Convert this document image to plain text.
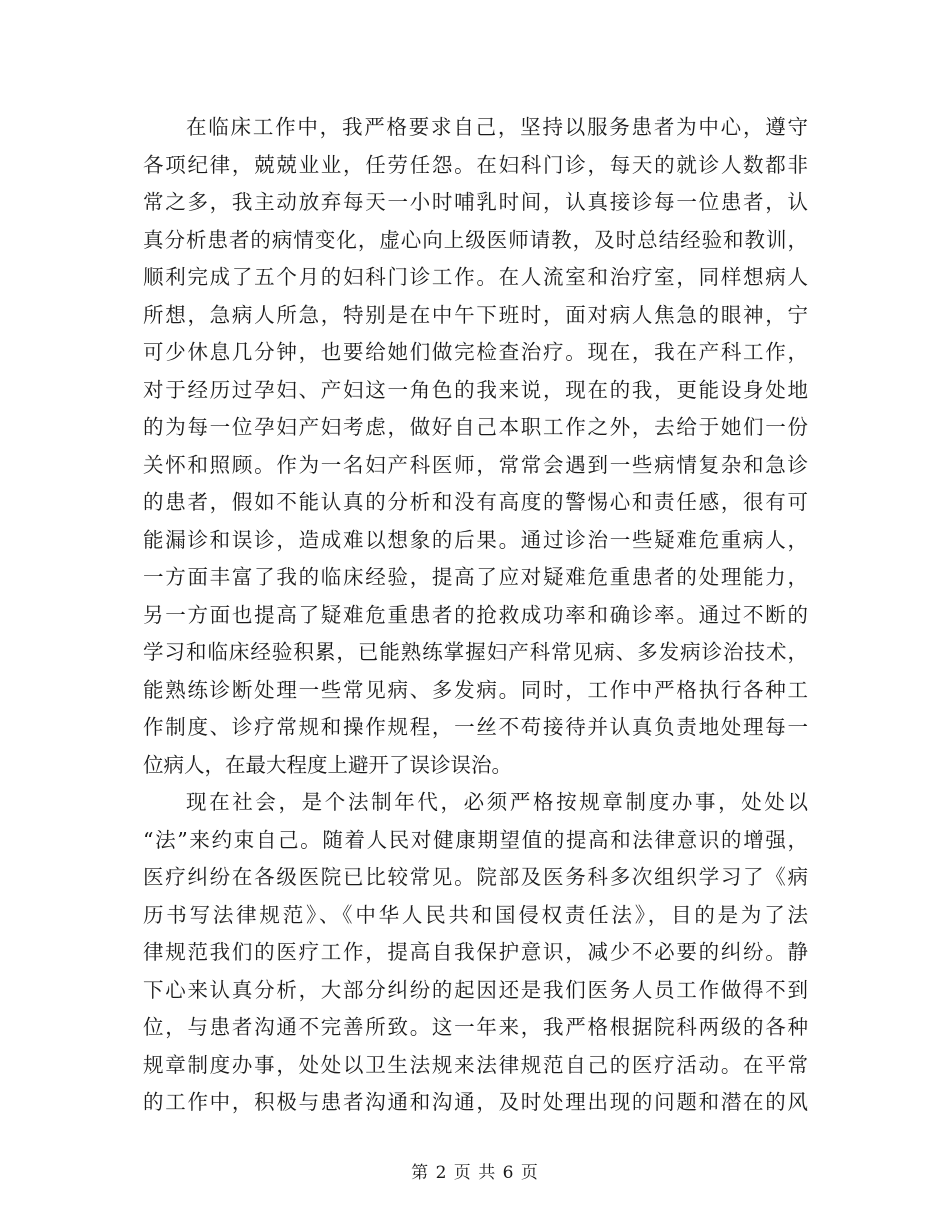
在临床工作中，我严格要求自己，坚持以服务患者为中心，遵守
各项纪律，兢兢业业，任劳任怨。在妇科门诊，每天的就诊人数都非
常之多，我主动放弃每天一小时哺乳时间，认真接诊每一位患者，认
真分析患者的病情变化，虚心向上级医师请教，及时总结经验和教训，
顺利完成了五个月的妇科门诊工作。在人流室和治疗室，同样想病人
所想，急病人所急，特别是在中午下班时，面对病人焦急的眼神，宁
可少休息几分钟，也要给她们做完检查治疗。现在，我在产科工作，
对于经历过孕妇、产妇这一角色的我来说，现在的我，更能设身处地
的为每一位孕妇产妇考虑，做好自己本职工作之外，去给于她们一份
关怀和照顾。作为一名妇产科医师，常常会遇到一些病情复杂和急诊
的患者，假如不能认真的分析和没有高度的警惕心和责任感，很有可
能漏诊和误诊，造成难以想象的后果。通过诊治一些疑难危重病人，
一方面丰富了我的临床经验，提高了应对疑难危重患者的处理能力，
另一方面也提高了疑难危重患者的抢救成功率和确诊率。通过不断的
学习和临床经验积累，已能熟练掌握妇产科常见病、多发病诊治技术，
能熟练诊断处理一些常见病、多发病。同时，工作中严格执行各种工
作制度、诊疗常规和操作规程，一丝不苟接待并认真负责地处理每一
位病人，在最大程度上避开了误诊误治。
现在社会，是个法制年代，必须严格按规章制度办事，处处以
“法”来约束自己。随着人民对健康期望值的提高和法律意识的增强，
医疗纠纷在各级医院已比较常见。院部及医务科多次组织学习了《病
历书写法律规范》、《中华人民共和国侵权责任法》，目的是为了法
律规范我们的医疗工作，提高自我保护意识，减少不必要的纠纷。静
下心来认真分析，大部分纠纷的起因还是我们医务人员工作做得不到
位，与患者沟通不完善所致。这一年来，我严格根据院科两级的各种
规章制度办事，处处以卫生法规来法律规范自己的医疗活动。在平常
的工作中，积极与患者沟通和沟通，及时处理出现的问题和潜在的风
第 2 页 共 6 页
